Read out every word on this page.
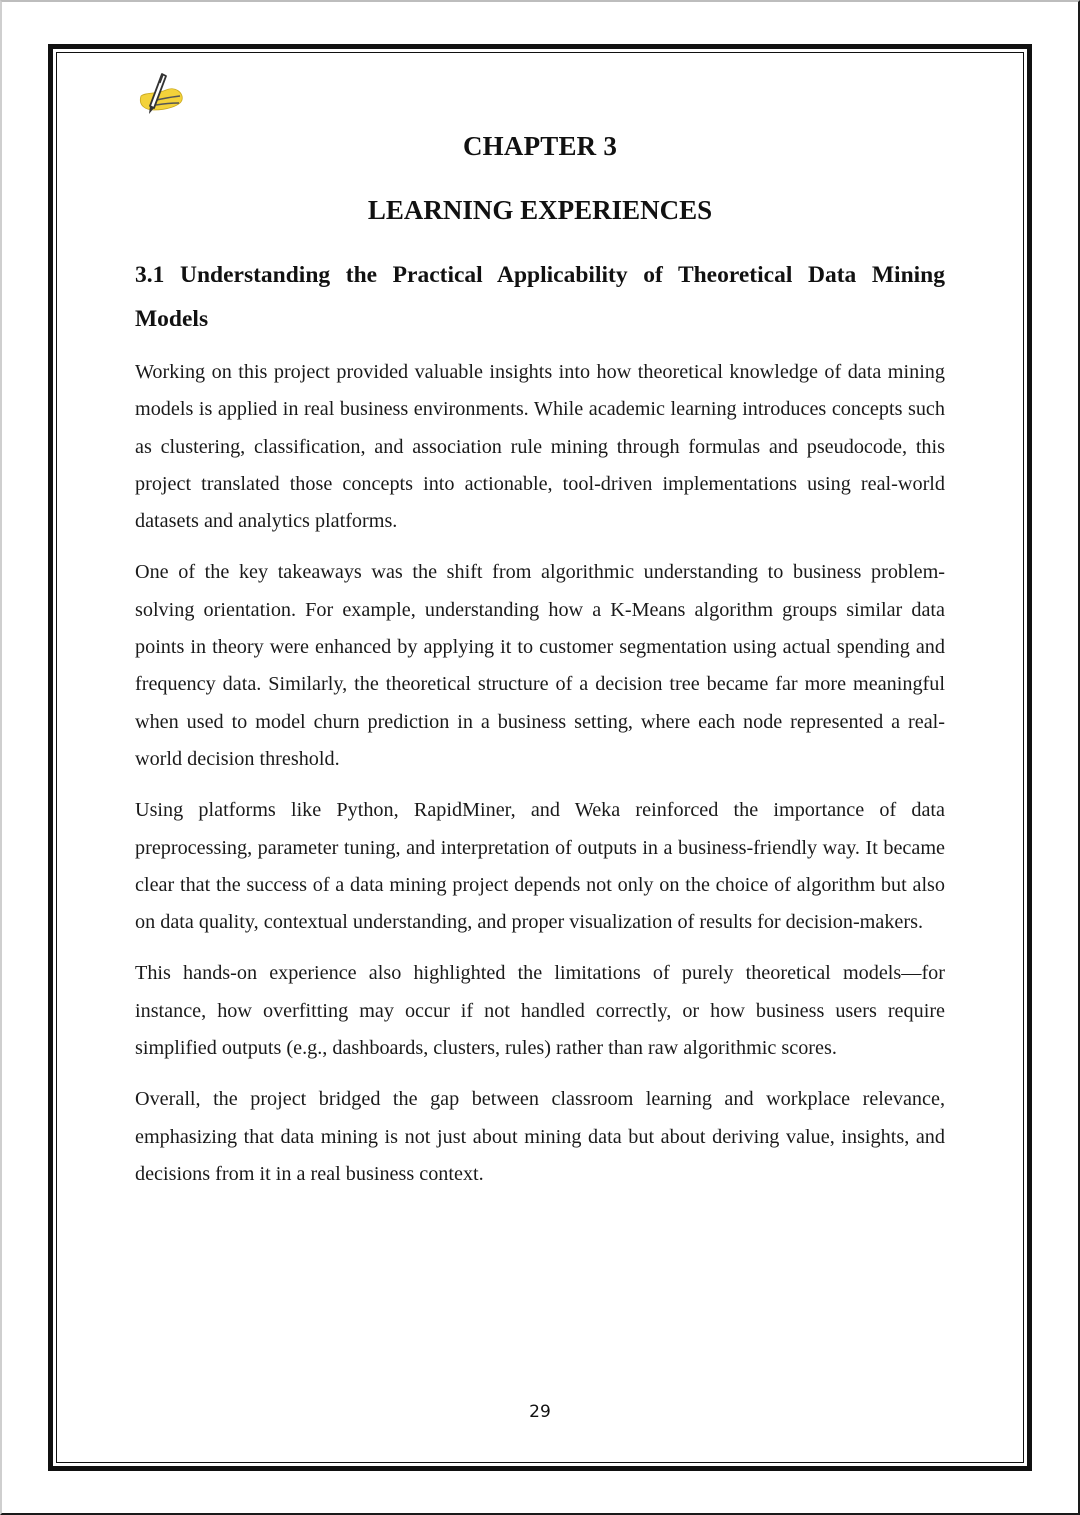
CHAPTER 3
LEARNING EXPERIENCES
3.1 Understanding the Practical Applicability of Theoretical Data Mining Models

Working on this project provided valuable insights into how theoretical knowledge of data mining models is applied in real business environments. While academic learning introduces concepts such as clustering, classification, and association rule mining through formulas and pseudocode, this project translated those concepts into actionable, tool-driven implementations using real-world datasets and analytics platforms.

One of the key takeaways was the shift from algorithmic understanding to business problem-solving orientation. For example, understanding how a K-Means algorithm groups similar data points in theory were enhanced by applying it to customer segmentation using actual spending and frequency data. Similarly, the theoretical structure of a decision tree became far more meaningful when used to model churn prediction in a business setting, where each node represented a real-world decision threshold.

Using platforms like Python, RapidMiner, and Weka reinforced the importance of data preprocessing, parameter tuning, and interpretation of outputs in a business-friendly way. It became clear that the success of a data mining project depends not only on the choice of algorithm but also on data quality, contextual understanding, and proper visualization of results for decision-makers.

This hands-on experience also highlighted the limitations of purely theoretical models—for instance, how overfitting may occur if not handled correctly, or how business users require simplified outputs (e.g., dashboards, clusters, rules) rather than raw algorithmic scores.

Overall, the project bridged the gap between classroom learning and workplace relevance, emphasizing that data mining is not just about mining data but about deriving value, insights, and decisions from it in a real business context.

29
